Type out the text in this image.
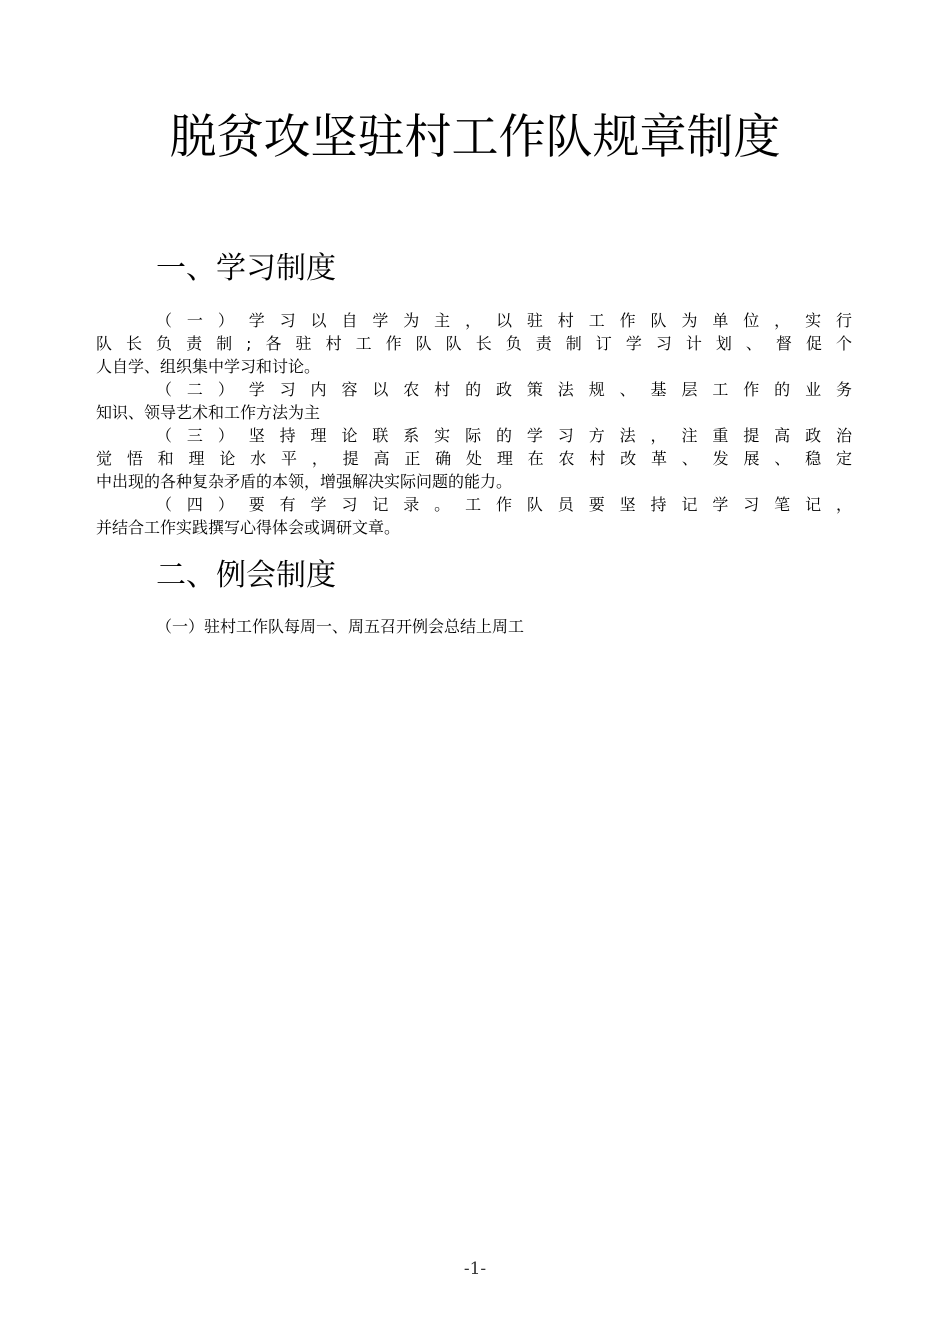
脱贫攻坚驻村工作队规章制度
一、学习制度
（一）学习以自学为主，以驻村工作队为单位，实行
队长负责制;各驻村工作队队长负责制订学习计划、督促个
人自学、组织集中学习和讨论。
（二）学习内容以农村的政策法规、基层工作的业务
知识、领导艺术和工作方法为主
（三）坚持理论联系实际的学习方法，注重提高政治
觉悟和理论水平，提高正确处理在农村改革、发展、稳定
中出现的各种复杂矛盾的本领，增强解决实际问题的能力。
（四）要有学习记录。工作队员要坚持记学习笔记，
并结合工作实践撰写心得体会或调研文章。
二、例会制度
（一）驻村工作队每周一、周五召开例会总结上周工
-1-
